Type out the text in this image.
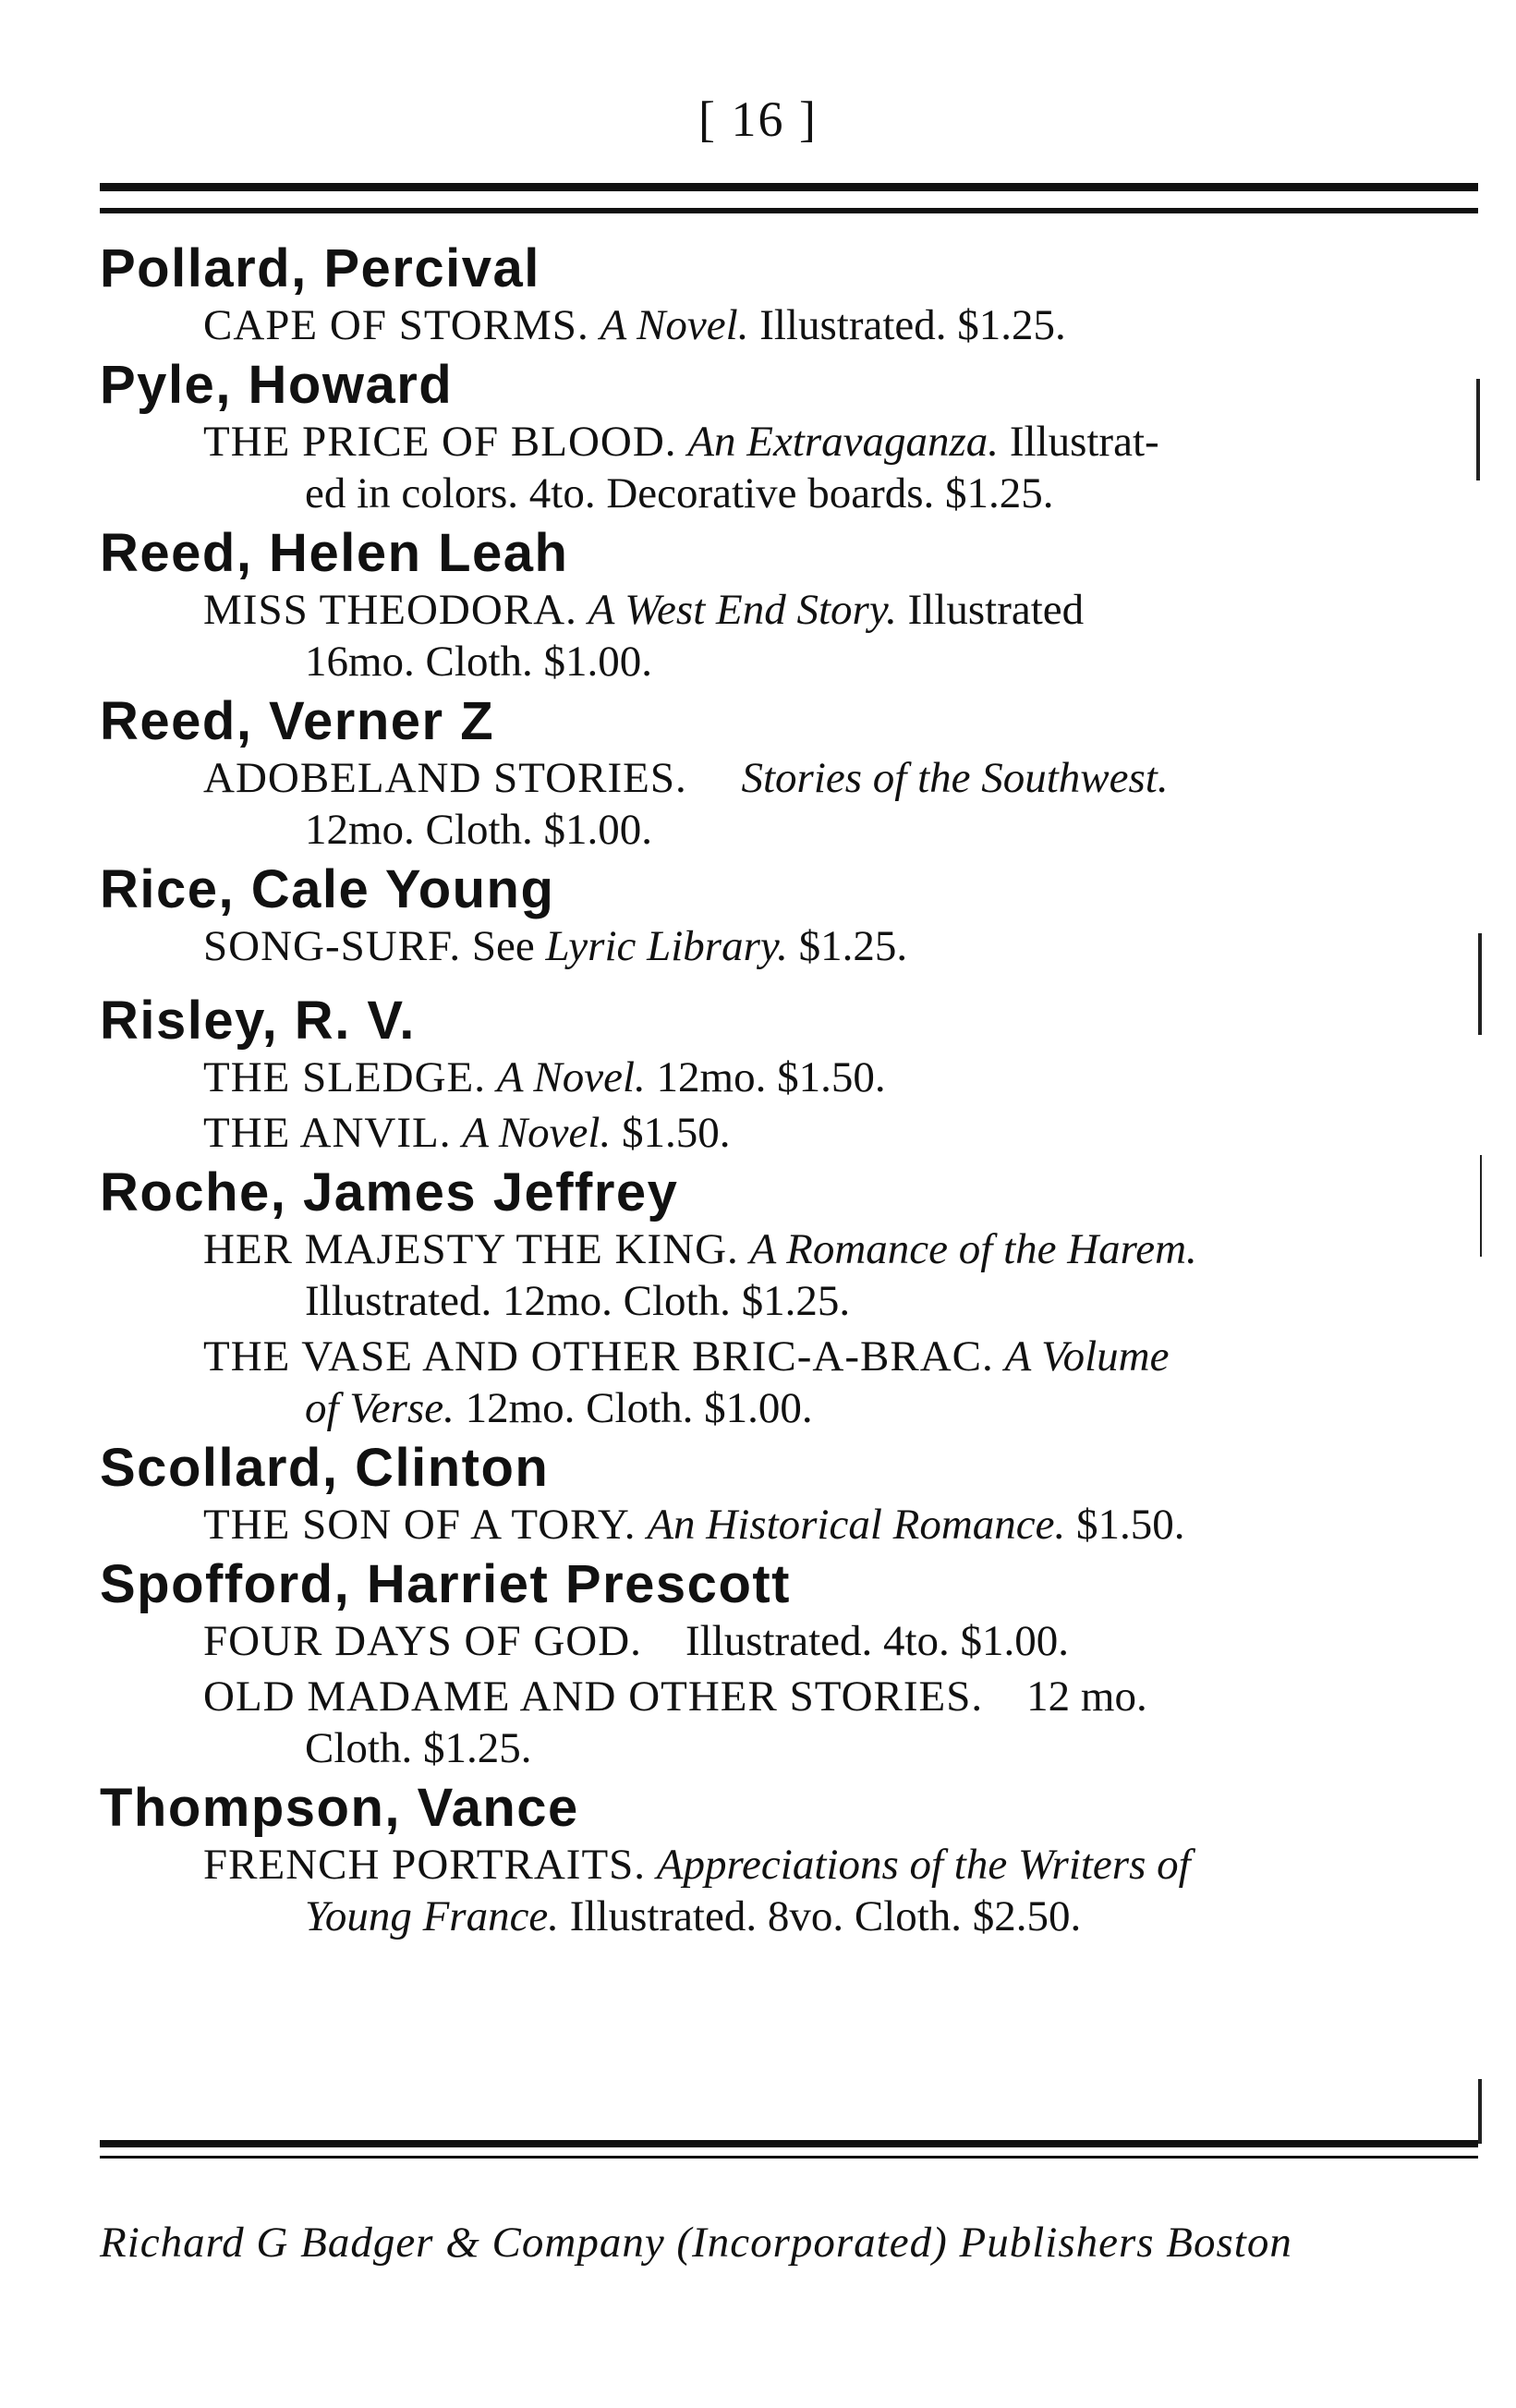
[ 16 ]

Pollard, Percival

CAPE OF STORMS. A Novel. Illustrated. $1.25.

Pyle, Howard

THE PRICE OF BLOOD. An Extravaganza. Illustrat-
ed in colors. 4to. Decorative boards. $1.25.

Reed, Helen Leah

MISS THEODORA. A West End Story. Illustrated
16mo. Cloth. $1.00.

Reed, Verner Z

ADOBELAND STORIES. Stories of the Southwest.
12mo. Cloth. $1.00.

Rice, Cale Young

SONG-SURF. See Lyric Library. $1.25.

Risley, R. V.

THE SLEDGE. A Novel. 12mo. $1.50.

THE ANVIL. A Novel. $1.50.

Roche, James Jeffrey

HER MAJESTY THE KING. A Romance of the Harem.
Illustrated. 12mo. Cloth. $1.25.

THE VASE AND OTHER BRIC-A-BRAC. A Volume
of Verse. 12mo. Cloth. $1.00.

Scollard, Clinton

THE SON OF A TORY. An Historical Romance. $1.50.

Spofford, Harriet Prescott

FOUR DAYS OF GOD. Illustrated. 4to. $1.00.

OLD MADAME AND OTHER STORIES. 12 mo.
Cloth. $1.25.

Thompson, Vance

FRENCH PORTRAITS. Appreciations of the Writers of
Young France. Illustrated. 8vo. Cloth. $2.50.

Richard G Badger & Company (Incorporated) Publishers Boston
